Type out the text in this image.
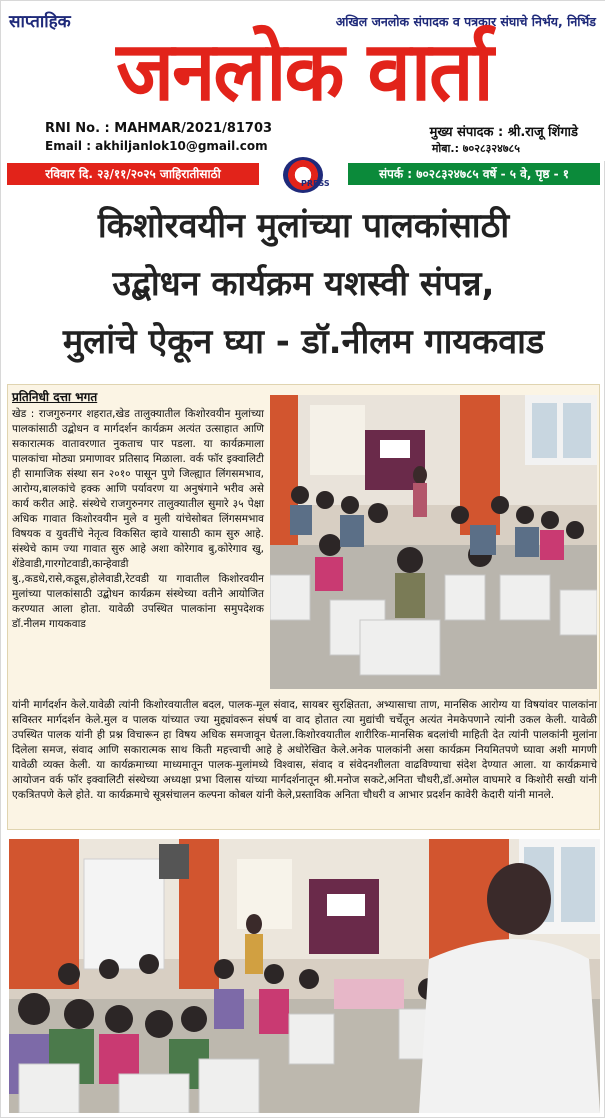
साप्ताहिक	अखिल जनलोक संपादक व पत्रकार संघाचे निर्भय, निर्भिड
जनलोक वार्ता
RNI No. : MAHMAR/2021/81703
Email : akhiljanlok10@gmail.com
मुख्य संपादक : श्री.राजू शिंगाडे
मोबा.: ७०२८३२४७८५
रविवार दि. २३/११/२०२५ जाहिरातीसाठी
PRESS
संपर्क : ७०२८३२४७८५ वर्षे - ५ वे, पृष्ठ - १
किशोरवयीन मुलांच्या पालकांसाठी
उद्बोधन कार्यक्रम यशस्वी संपन्न,
मुलांचे ऐकून घ्या - डॉ.नीलम गायकवाड
प्रतिनिधी दत्ता भगत
खेड : राजगुरुनगर शहरात,खेड तालुक्यातील किशोरवयीन मुलांच्या पालकांसाठी उद्बोधन व मार्गदर्शन कार्यक्रम अत्यंत उत्साहात आणि सकारात्मक वातावरणात नुकताच पार पडला. या कार्यक्रमाला पालकांचा मोठ्या प्रमाणावर प्रतिसाद मिळाला. वर्क फॉर इक्वालिटी ही सामाजिक संस्था सन २०१० पासून पुणे जिल्ह्यात लिंगसमभाव, आरोग्य,बालकांचे हक्क आणि पर्यावरण या अनुषंगाने भरीव असे कार्य करीत आहे. संस्थेचे राजगुरुनगर तालुक्यातील सुमारे ३५ पेक्षा अधिक गावात किशोरवयीन मुले व मुली यांचेसोबत लिंगसमभाव विषयक व युवतींचे नेतृत्व विकसित व्हावे यासाठी काम सुरु आहे. संस्थेचे काम ज्या गावात सुरु आहे अशा कोरेगाव बु,कोरेगाव खु, शेंडेवाडी,गारगोटवाडी,कान्हेवाडी बु.,कडधे,रासे,कडूस,होलेवाडी,रेटवडी या गावातील किशोरवयीन मुलांच्या पालकांसाठी उद्बोधन कार्यक्रम संस्थेच्या वतीने आयोजित करण्यात आला होता. यावेळी उपस्थित पालकांना समुपदेशक डॉ.नीलम गायकवाड
यांनी मार्गदर्शन केले.यावेळी त्यांनी किशोरवयातील बदल, पालक-मूल संवाद, सायबर सुरक्षितता, अभ्यासाचा ताण, मानसिक आरोग्य या विषयांवर पालकांना सविस्तर मार्गदर्शन केले.मुल व पालक यांच्यात ज्या मुद्द्यांवरून संघर्ष वा वाद होतात त्या मुद्यांची चर्चेतून अत्यंत नेमकेपणाने त्यांनी उकल केली. यावेळी उपस्थित पालक यांनी ही प्रश्न विचारून हा विषय अधिक समजावून घेतला.किशोरवयातील शारीरिक-मानसिक बदलांची माहिती देत त्यांनी पालकांनी मुलांना दिलेला समज, संवाद आणि सकारात्मक साथ किती महत्त्वाची आहे हे अधोरेखित केले.अनेक पालकांनी असा कार्यक्रम नियमितपणे घ्यावा अशी मागणी यावेळी व्यक्त केली. या कार्यक्रमाच्या माध्यमातून पालक-मुलांमध्ये विश्वास, संवाद व संवेदनशीलता वाढविण्याचा संदेश देण्यात आला. या कार्यक्रमाचे आयोजन वर्क फॉर इक्वालिटी संस्थेच्या अध्यक्षा प्रभा विलास यांच्या मार्गदर्शनातून श्री.मनोज सकटे,अनिता चौधरी,डॉ.अमोल वाघमारे व किशोरी सखी यांनी एकत्रितपणे केले होते. या कार्यक्रमाचे सूत्रसंचालन कल्पना कोबल यांनी केले,प्रस्ताविक अनिता चौधरी व आभार प्रदर्शन कावेरी केदारी यांनी मानले.
